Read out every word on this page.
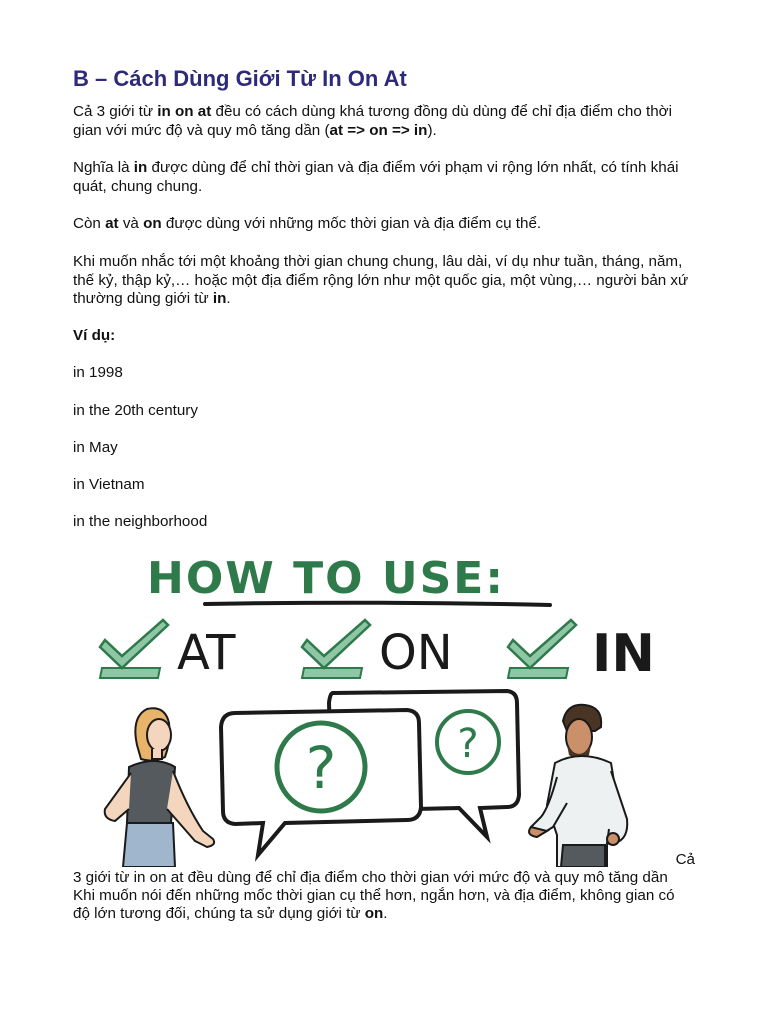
B – Cách Dùng Giới Từ In On At

Cả 3 giới từ in on at đều có cách dùng khá tương đồng dù dùng để chỉ địa điểm cho thời gian với mức độ và quy mô tăng dần (at => on => in).

Nghĩa là in được dùng để chỉ thời gian và địa điểm với phạm vi rộng lớn nhất, có tính khái quát, chung chung.

Còn at và on được dùng với những mốc thời gian và địa điểm cụ thể.

Khi muốn nhắc tới một khoảng thời gian chung chung, lâu dài, ví dụ như tuần, tháng, năm, thế kỷ, thập kỷ,… hoặc một địa điểm rộng lớn như một quốc gia, một vùng,… người bản xứ thường dùng giới từ in.

Ví dụ:

in 1998

in the 20th century

in May

in Vietnam

in the neighborhood

Cả
3 giới từ in on at đều dùng để chỉ địa điểm cho thời gian với mức độ và quy mô tăng dần
Khi muốn nói đến những mốc thời gian cụ thể hơn, ngắn hơn, và địa điểm, không gian có độ lớn tương đối, chúng ta sử dụng giới từ on.
HOW TO USE:
AT	ON	IN
?
?
